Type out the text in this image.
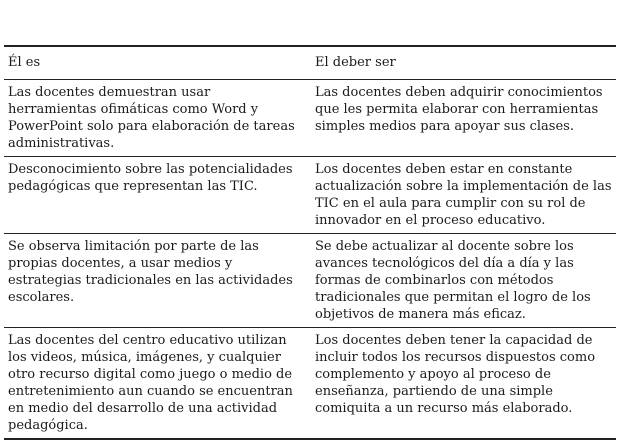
Él es	El deber ser
Las docentes demuestran usar herramientas ofimáticas como Word y PowerPoint solo para elaboración de tareas administrativas.	Las docentes deben adquirir conocimientos que les permita elaborar con herramientas simples medios para apoyar sus clases.
Desconocimiento sobre las potencialidades pedagógicas que representan las TIC.	Los docentes deben estar en constante actualización sobre la implementación de las TIC en el aula para cumplir con su rol de innovador en el proceso educativo.
Se observa limitación por parte de las propias docentes, a usar medios y estrategias tradicionales en las actividades escolares.	Se debe actualizar al docente sobre los avances tecnológicos del día a día y las formas de combinarlos con métodos tradicionales que permitan el logro de los objetivos de manera más eficaz.
Las docentes del centro educativo utilizan los videos, música, imágenes, y cualquier otro recurso digital como juego o medio de entretenimiento aun cuando se encuentran en medio del desarrollo de una actividad pedagógica.	Los docentes deben tener la capacidad de incluir todos los recursos dispuestos como complemento y apoyo al proceso de enseñanza, partiendo de una simple comiquita a un recurso más elaborado.
